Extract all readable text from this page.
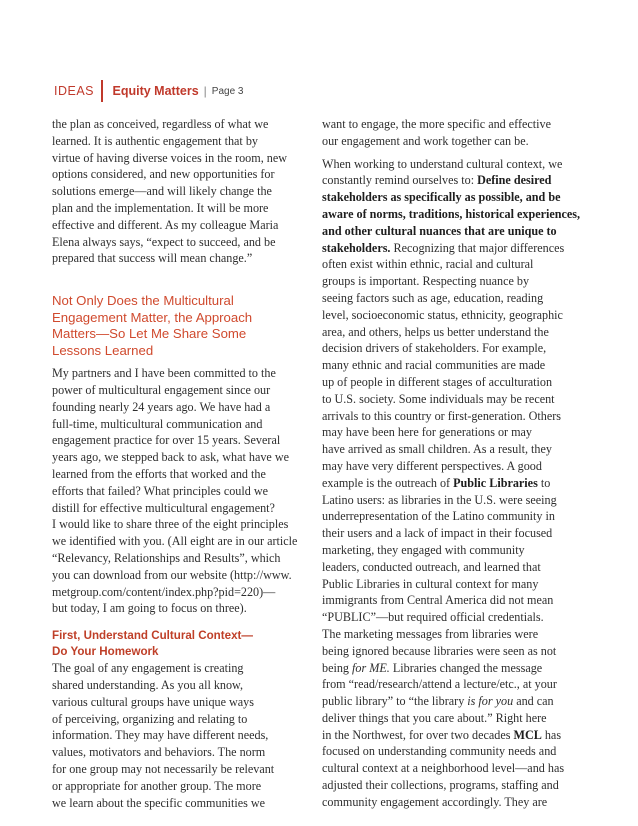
IDEAS Equity Matters | Page 3

the plan as conceived, regardless of what we
learned. It is authentic engagement that by
virtue of having diverse voices in the room, new
options considered, and new opportunities for
solutions emerge—and will likely change the
plan and the implementation. It will be more
effective and different. As my colleague Maria
Elena always says, “expect to succeed, and be
prepared that success will mean change.”

Not Only Does the Multicultural
Engagement Matter, the Approach
Matters—So Let Me Share Some
Lessons Learned

My partners and I have been committed to the
power of multicultural engagement since our
founding nearly 24 years ago. We have had a
full-time, multicultural communication and
engagement practice for over 15 years. Several
years ago, we stepped back to ask, what have we
learned from the efforts that worked and the
efforts that failed? What principles could we
distill for effective multicultural engagement?
I would like to share three of the eight principles
we identified with you. (All eight are in our article
“Relevancy, Relationships and Results”, which
you can download from our website (http://www.
metgroup.com/content/index.php?pid=220)—
but today, I am going to focus on three).

First, Understand Cultural Context—
Do Your Homework

The goal of any engagement is creating
shared understanding. As you all know,
various cultural groups have unique ways
of perceiving, organizing and relating to
information. They may have different needs,
values, motivators and behaviors. The norm
for one group may not necessarily be relevant
or appropriate for another group. The more
we learn about the specific communities we

want to engage, the more specific and effective
our engagement and work together can be.

When working to understand cultural context, we
constantly remind ourselves to: Define desired
stakeholders as specifically as possible, and be
aware of norms, traditions, historical experiences,
and other cultural nuances that are unique to
stakeholders. Recognizing that major differences
often exist within ethnic, racial and cultural
groups is important. Respecting nuance by
seeing factors such as age, education, reading
level, socioeconomic status, ethnicity, geographic
area, and others, helps us better understand the
decision drivers of stakeholders. For example,
many ethnic and racial communities are made
up of people in different stages of acculturation
to U.S. society. Some individuals may be recent
arrivals to this country or first-generation. Others
may have been here for generations or may
have arrived as small children. As a result, they
may have very different perspectives. A good
example is the outreach of Public Libraries to
Latino users: as libraries in the U.S. were seeing
underrepresentation of the Latino community in
their users and a lack of impact in their focused
marketing, they engaged with community
leaders, conducted outreach, and learned that
Public Libraries in cultural context for many
immigrants from Central America did not mean
“PUBLIC”—but required official credentials.
The marketing messages from libraries were
being ignored because libraries were seen as not
being for ME. Libraries changed the message
from “read/research/attend a lecture/etc., at your
public library” to “the library is for you and can
deliver things that you care about.” Right here
in the Northwest, for over two decades MCL has
focused on understanding community needs and
cultural context at a neighborhood level—and has
adjusted their collections, programs, staffing and
community engagement accordingly. They are
